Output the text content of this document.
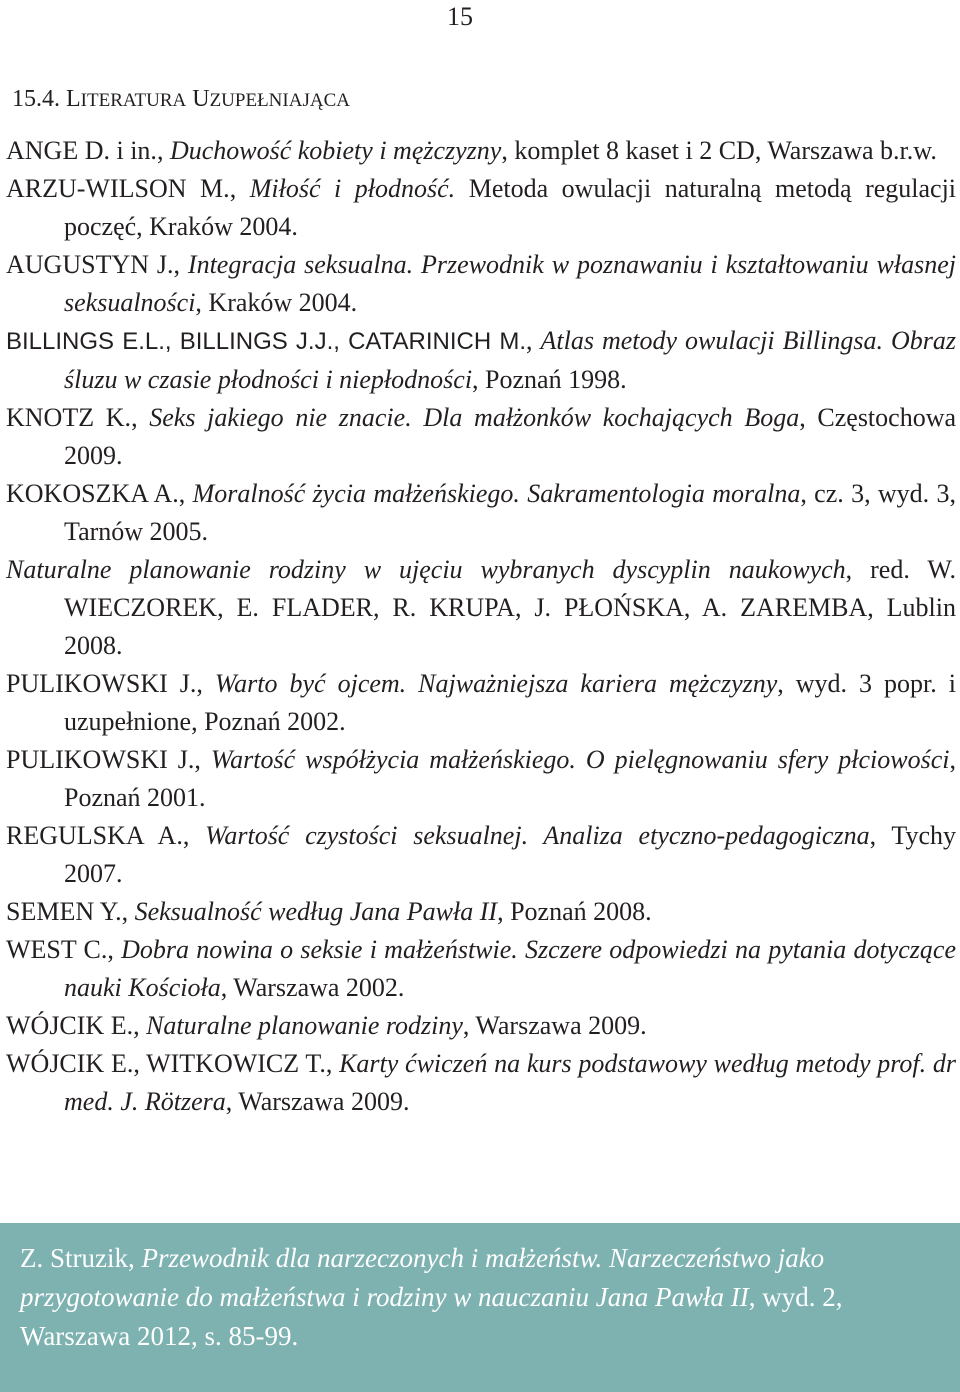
15
15.4. LITERATURA UZUPEŁNIAJĄCA
ANGE D. i in., Duchowość kobiety i mężczyzny, komplet 8 kaset i 2 CD, Warszawa b.r.w.
ARZU-WILSON M., Miłość i płodność. Metoda owulacji naturalną metodą regulacji poczęć, Kraków 2004.
AUGUSTYN J., Integracja seksualna. Przewodnik w poznawaniu i kształtowaniu własnej seksualności, Kraków 2004.
BILLINGS E.L., BILLINGS J.J., CATARINICH M., Atlas metody owulacji Billingsa. Obraz śluzu w czasie płodności i niepłodności, Poznań 1998.
KNOTZ K., Seks jakiego nie znacie. Dla małżonków kochających Boga, Częstochowa 2009.
KOKOSZKA A., Moralność życia małżeńskiego. Sakramentologia moralna, cz. 3, wyd. 3, Tarnów 2005.
Naturalne planowanie rodziny w ujęciu wybranych dyscyplin naukowych, red. W. WIECZOREK, E. FLADER, R. KRUPA, J. PŁOŃSKA, A. ZAREMBA, Lublin 2008.
PULIKOWSKI J., Warto być ojcem. Najważniejsza kariera mężczyzny, wyd. 3 popr. i uzupełnione, Poznań 2002.
PULIKOWSKI J., Wartość współżycia małżeńskiego. O pielęgnowaniu sfery płciowości, Poznań 2001.
REGULSKA A., Wartość czystości seksualnej. Analiza etyczno-pedagogiczna, Tychy 2007.
SEMEN Y., Seksualność według Jana Pawła II, Poznań 2008.
WEST C., Dobra nowina o seksie i małżeństwie. Szczere odpowiedzi na pytania dotyczące nauki Kościoła, Warszawa 2002.
WÓJCIK E., Naturalne planowanie rodziny, Warszawa 2009.
WÓJCIK E., WITKOWICZ T., Karty ćwiczeń na kurs podstawowy według metody prof. dr med. J. Rötzera, Warszawa 2009.
Z. Struzik, Przewodnik dla narzeczonych i małżeństw. Narzeczeństwo jako przygotowanie do małżeństwa i rodziny w nauczaniu Jana Pawła II, wyd. 2, Warszawa 2012, s. 85-99.
